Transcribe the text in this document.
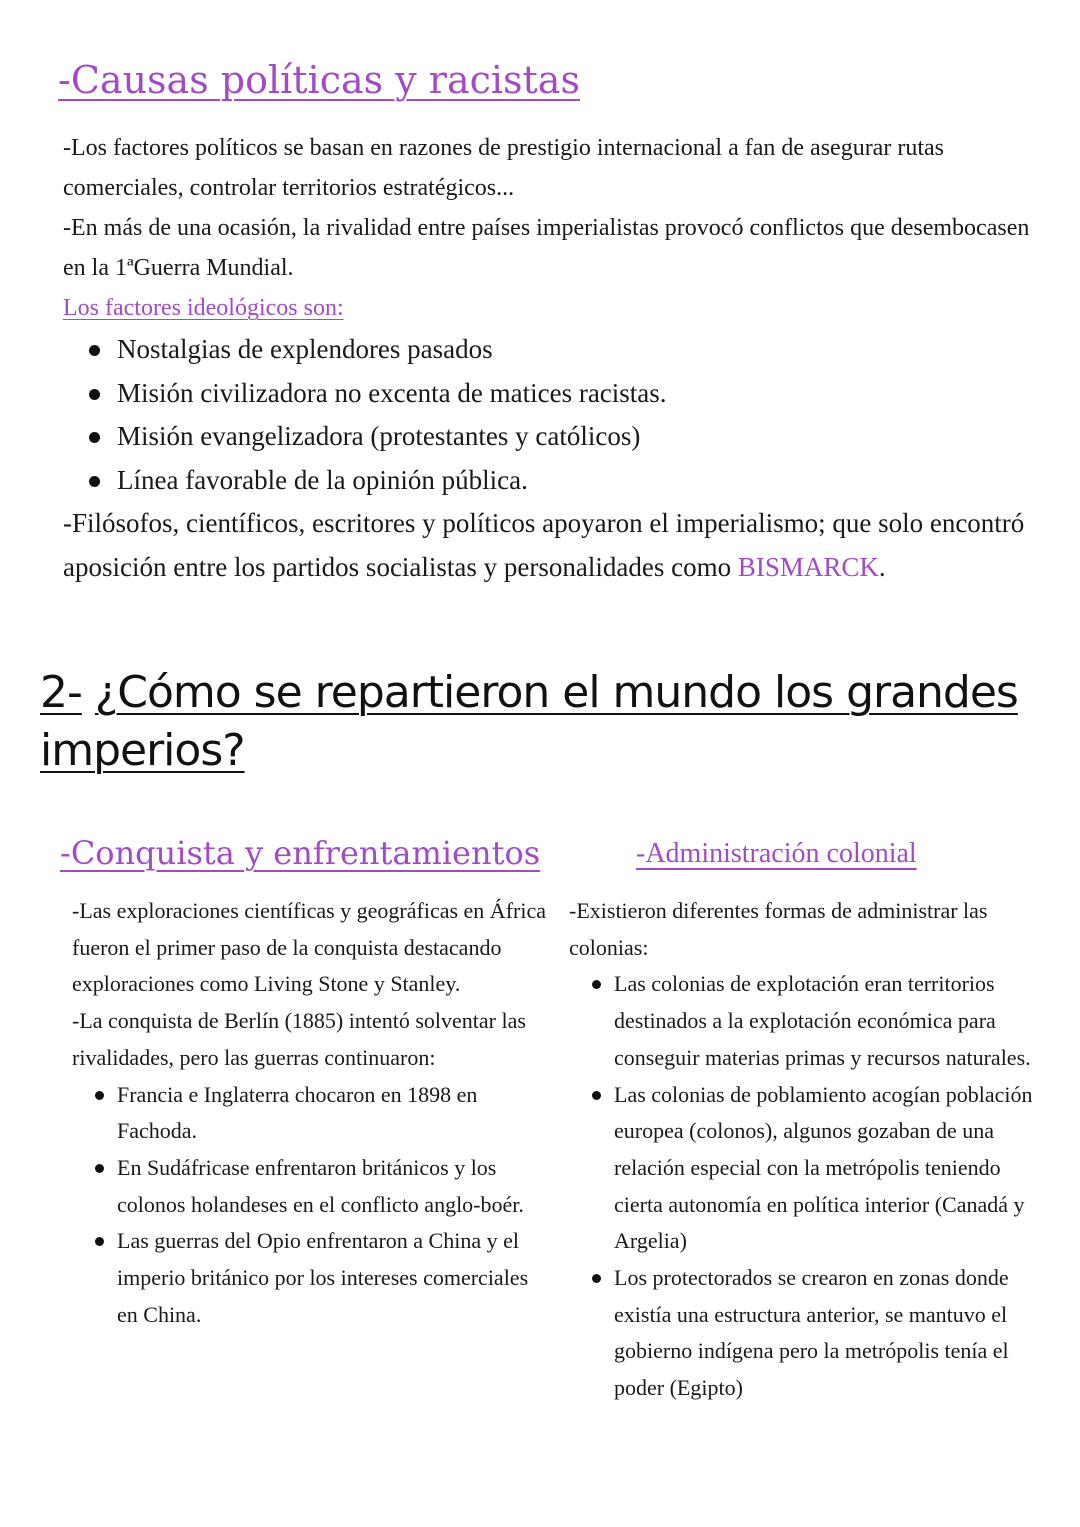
-Causas políticas y racistas

-Los factores políticos se basan en razones de prestigio internacional a fan de asegurar rutas comerciales, controlar territorios estratégicos...

-En más de una ocasión, la rivalidad entre países imperialistas provocó conflictos que desembocasen en la 1ªGuerra Mundial.

Los factores ideológicos son:

Nostalgias de explendores pasados
Misión civilizadora no excenta de matices racistas.
Misión evangelizadora (protestantes y católicos)
Línea favorable de la opinión pública.

-Filósofos, científicos, escritores y políticos apoyaron el imperialismo; que solo encontró aposición entre los partidos socialistas y personalidades como BISMARCK.

2- ¿Cómo se repartieron el mundo los grandes
imperios?
-Conquista y enfrentamientos	-Administración colonial

-Las exploraciones científicas y geográficas en África fueron el primer paso de la conquista destacando exploraciones como Living Stone y Stanley.

-La conquista de Berlín (1885) intentó solventar las rivalidades, pero las guerras continuaron:

Francia e Inglaterra chocaron en 1898 en Fachoda.
En Sudáfricase enfrentaron británicos y los colonos holandeses en el conflicto anglo-boér.
Las guerras del Opio enfrentaron a China y el imperio británico por los intereses comerciales en China.

-Existieron diferentes formas de administrar las colonias:

Las colonias de explotación eran territorios destinados a la explotación económica para conseguir materias primas y recursos naturales.
Las colonias de poblamiento acogían población europea (colonos), algunos gozaban de una relación especial con la metrópolis teniendo cierta autonomía en política interior (Canadá y Argelia)
Los protectorados se crearon en zonas donde existía una estructura anterior, se mantuvo el gobierno indígena pero la metrópolis tenía el poder (Egipto)
